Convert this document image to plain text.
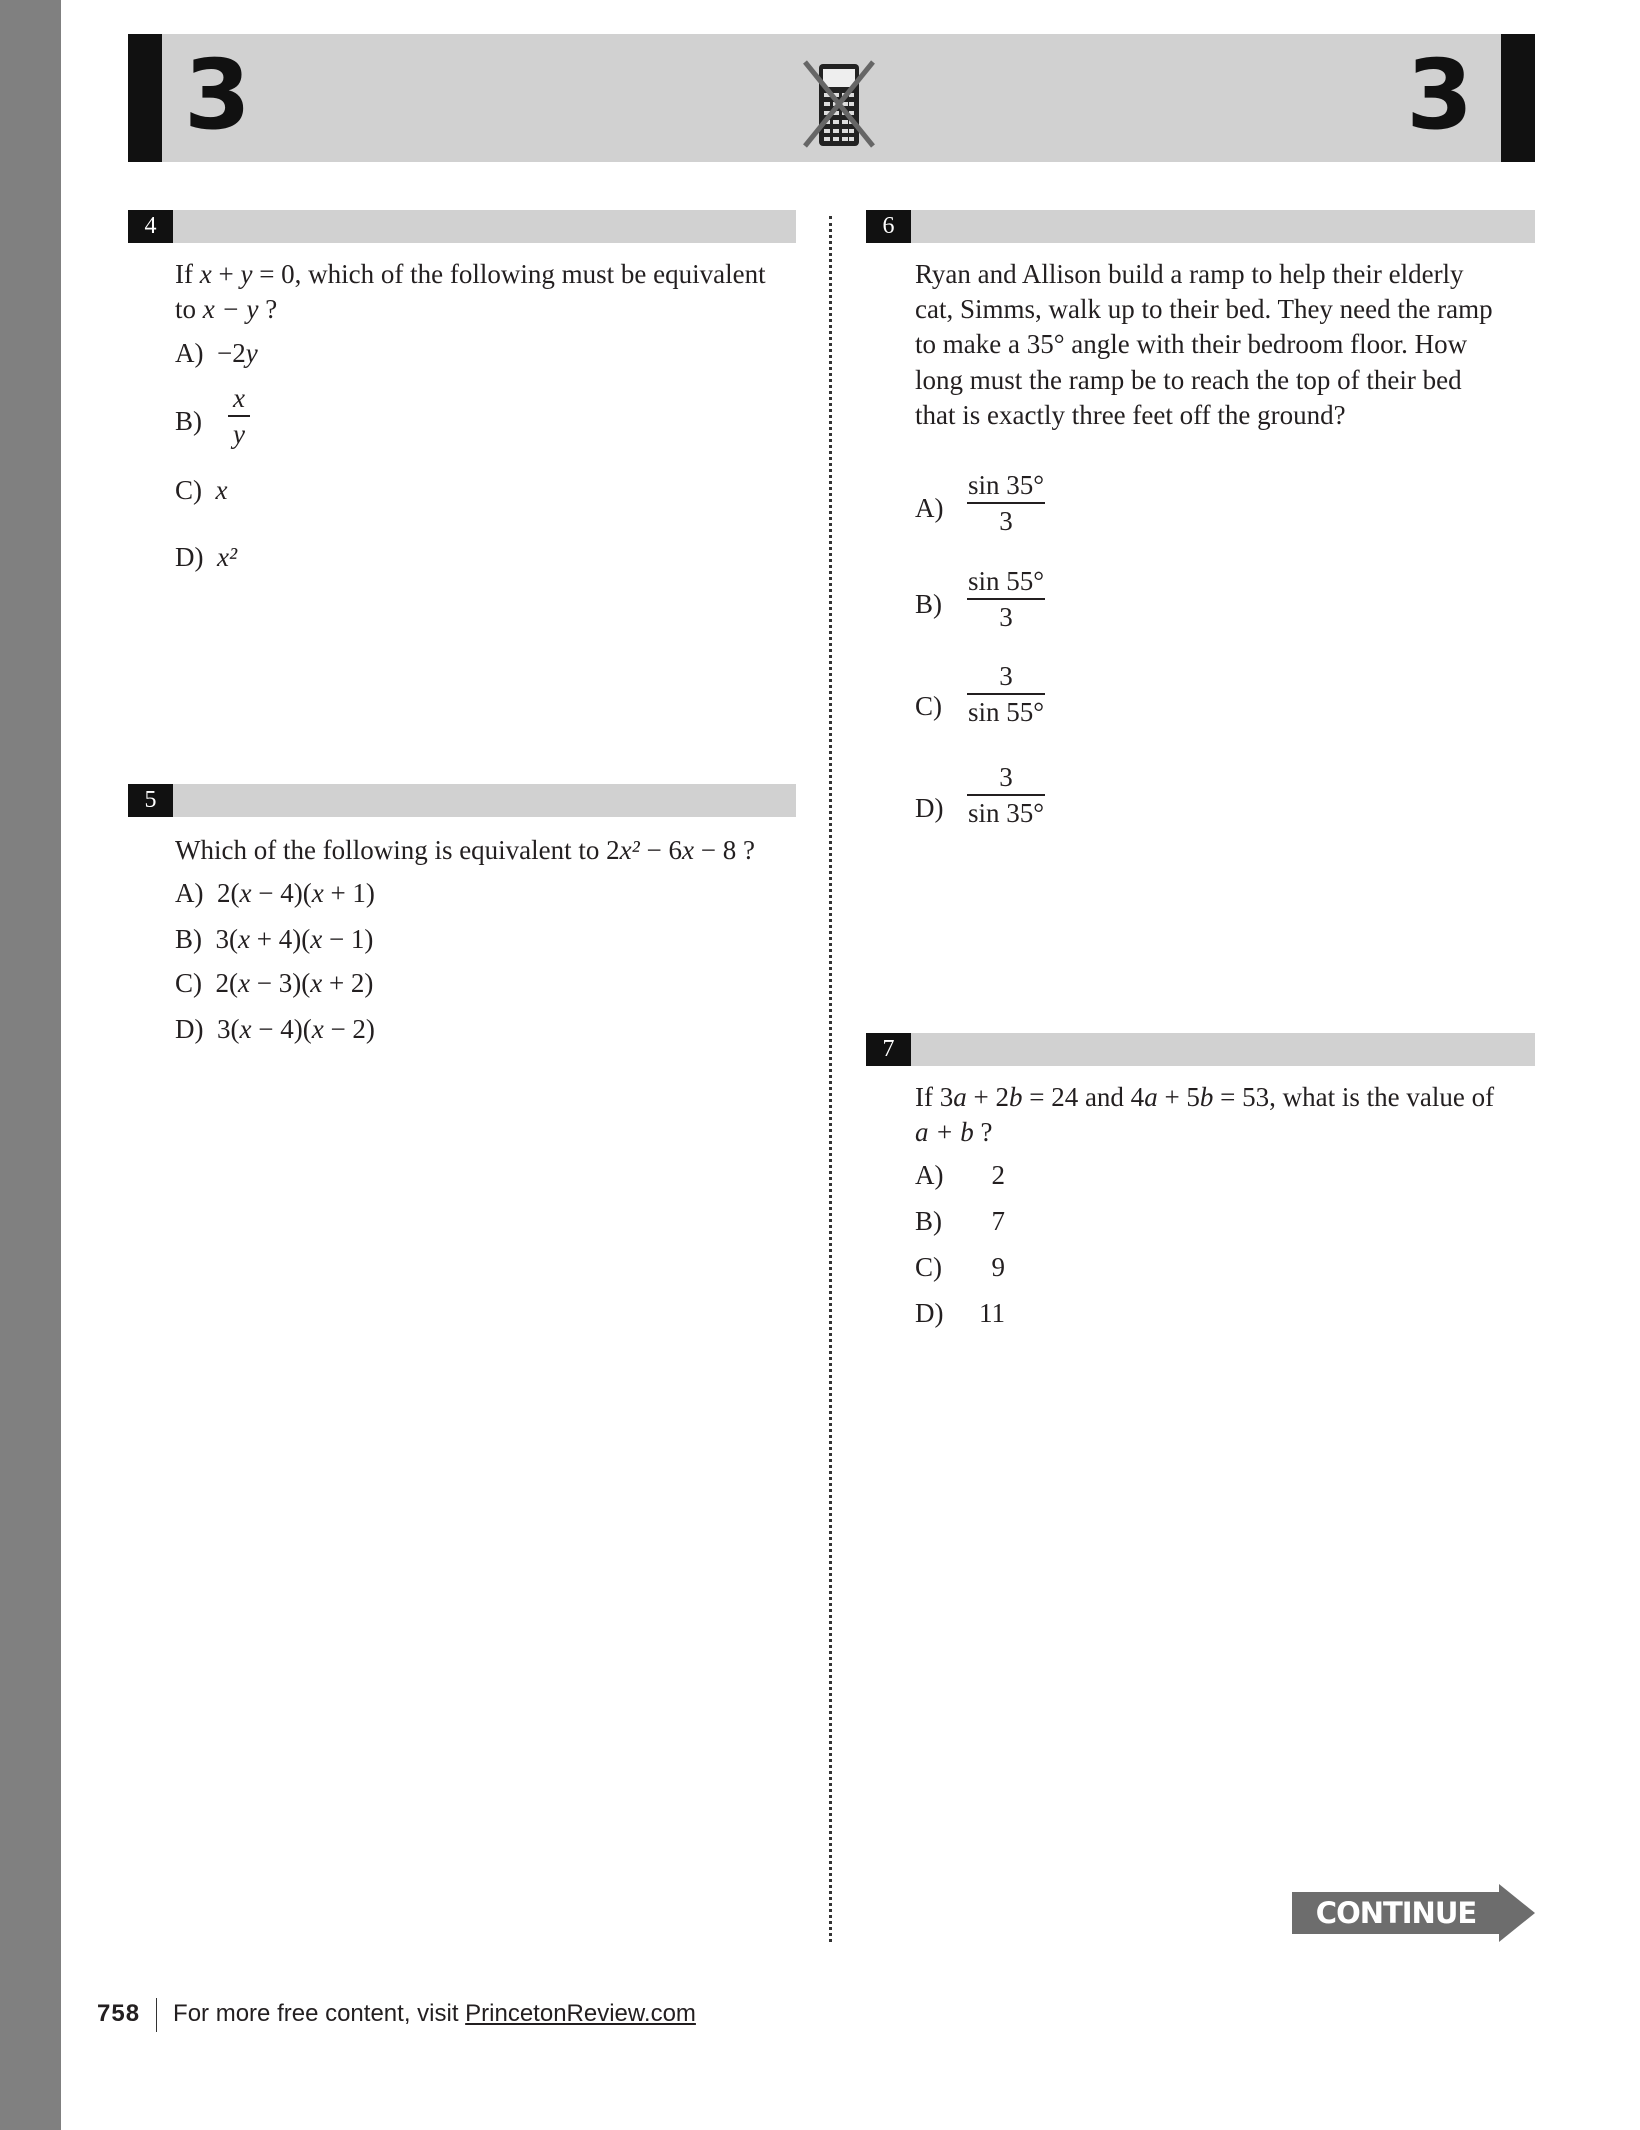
3	3
4
If x + y = 0, which of the following must be equivalent
to x − y ?
A) −2y
B)
x
y
C) x
D) x²
5
Which of the following is equivalent to 2x² − 6x − 8 ?
A) 2(x − 4)(x + 1)
B) 3(x + 4)(x − 1)
C) 2(x − 3)(x + 2)
D) 3(x − 4)(x − 2)
6
Ryan and Allison build a ramp to help their elderly
cat, Simms, walk up to their bed. They need the ramp
to make a 35° angle with their bedroom floor. How
long must the ramp be to reach the top of their bed
that is exactly three feet off the ground?
A)
sin 35°
3
B)
sin 55°
3
C)
3
sin 55°
D)
3
sin 35°
7
If 3a + 2b = 24 and 4a + 5b = 53, what is the value of
a + b ?
A)	2
B)	7
C)	9
D) 11
CONTINUE
758 For more free content, visit PrincetonReview.com
